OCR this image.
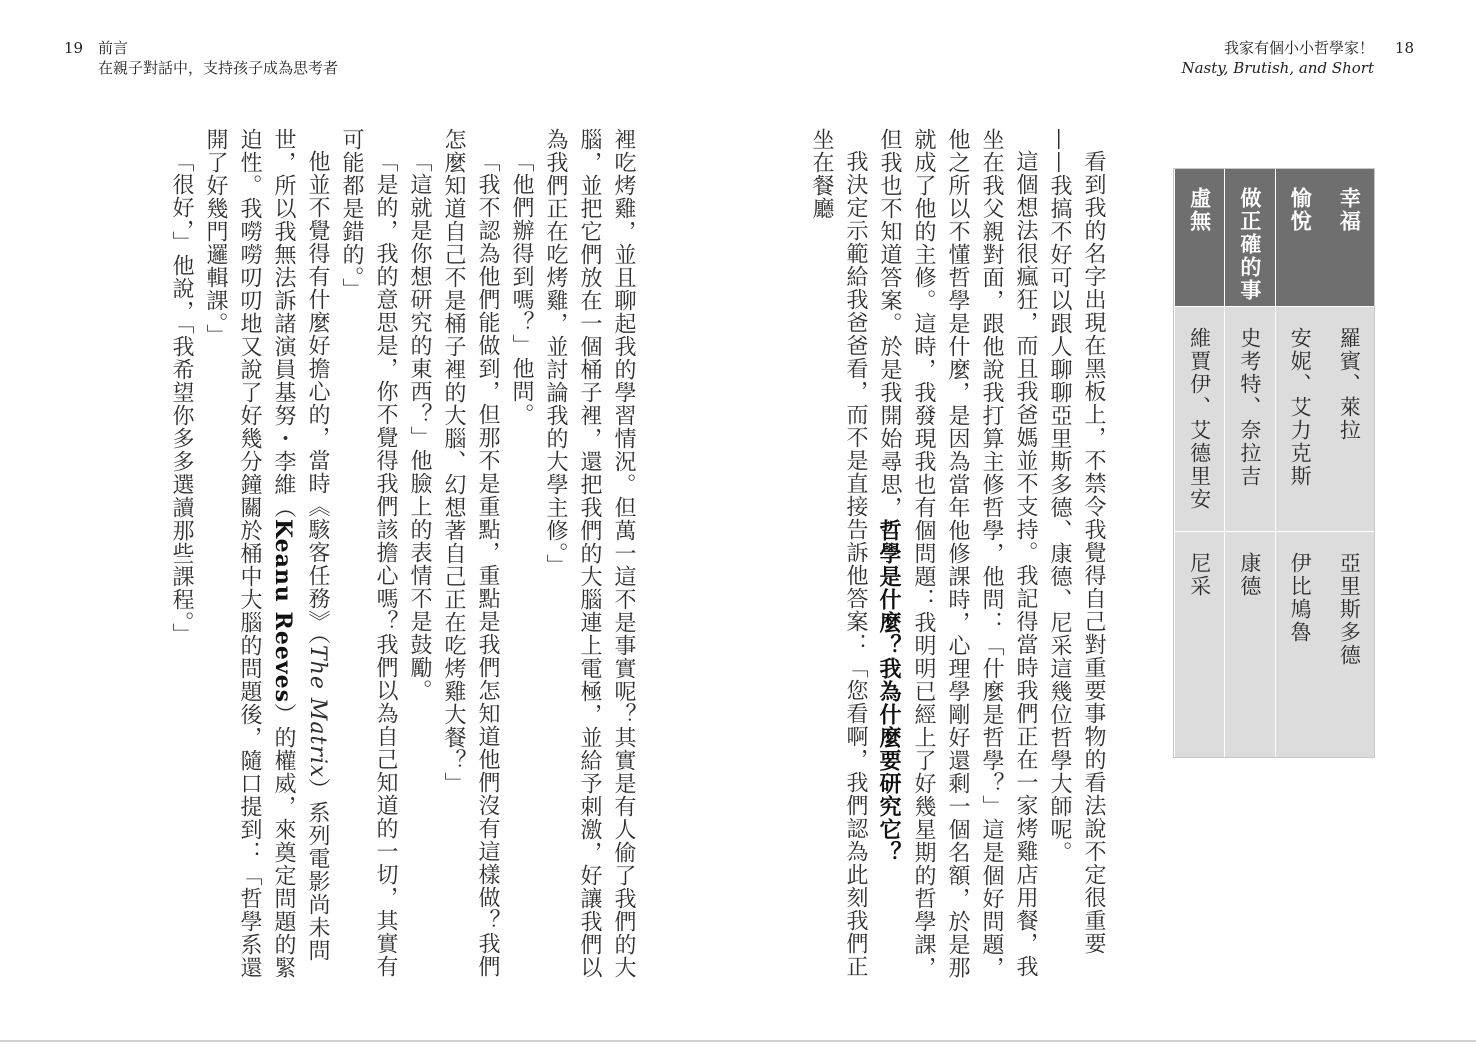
19 前言
在親子對話中，支持孩子成為思考者
我家有個小小哲學家！	18
Nasty, Brutish, and Short

看到我的名字出現在黑板上，不禁令我覺得自己對重要事物的看法說不定很重要——我搞不好可以跟人聊聊亞里斯多德、康德、尼采這幾位哲學大師呢。

這個想法很瘋狂，而且我爸媽並不支持。我記得當時我們正在一家烤雞店用餐，我坐在我父親對面，跟他說我打算主修哲學，他問：「什麼是哲學？」這是個好問題，他之所以不懂哲學是什麼，是因為當年他修課時，心理學剛好還剩一個名額，於是那就成了他的主修。這時，我發現我也有個問題：我明明已經上了好幾星期的哲學課，但我也不知道答案。於是我開始尋思，哲學是什麼？我為什麼要研究它？

我決定示範給我爸爸看，而不是直接告訴他答案：「您看啊，我們認為此刻我們正坐在餐廳

裡吃烤雞，並且聊起我的學習情況。但萬一這不是事實呢？其實是有人偷了我們的大腦，並把它們放在一個桶子裡，還把我們的大腦連上電極，並給予刺激，好讓我們以為我們正在吃烤雞，並討論我的大學主修。」

「他們辦得到嗎？」他問。

「我不認為他們能做到，但那不是重點，重點是我們怎知道他們沒有這樣做？我們怎麼知道自己不是桶子裡的大腦、幻想著自己正在吃烤雞大餐？」

「這就是你想研究的東西？」他臉上的表情不是鼓勵。

「是的，我的意思是，你不覺得我們該擔心嗎？我們以為自己知道的一切，其實有可能都是錯的。」

他並不覺得有什麼好擔心的，當時《駭客任務》（The Matrix）系列電影尚未問世，所以我無法訴諸演員基努・李維（Keanu Reeves）的權威，來奠定問題的緊迫性。我嘮嘮叨叨地又說了好幾分鐘關於桶中大腦的問題後，隨口提到：「哲學系還開了好幾門邏輯課。」

「很好，」他說，「我希望你多多選讀那些課程。」	幸福
羅賓、萊拉
亞里斯多德
愉悅
安妮、艾力克斯
伊比鳩魯
做正確的事
史考特、奈拉吉
康德
虛無
維賈伊、艾德里安
尼采
